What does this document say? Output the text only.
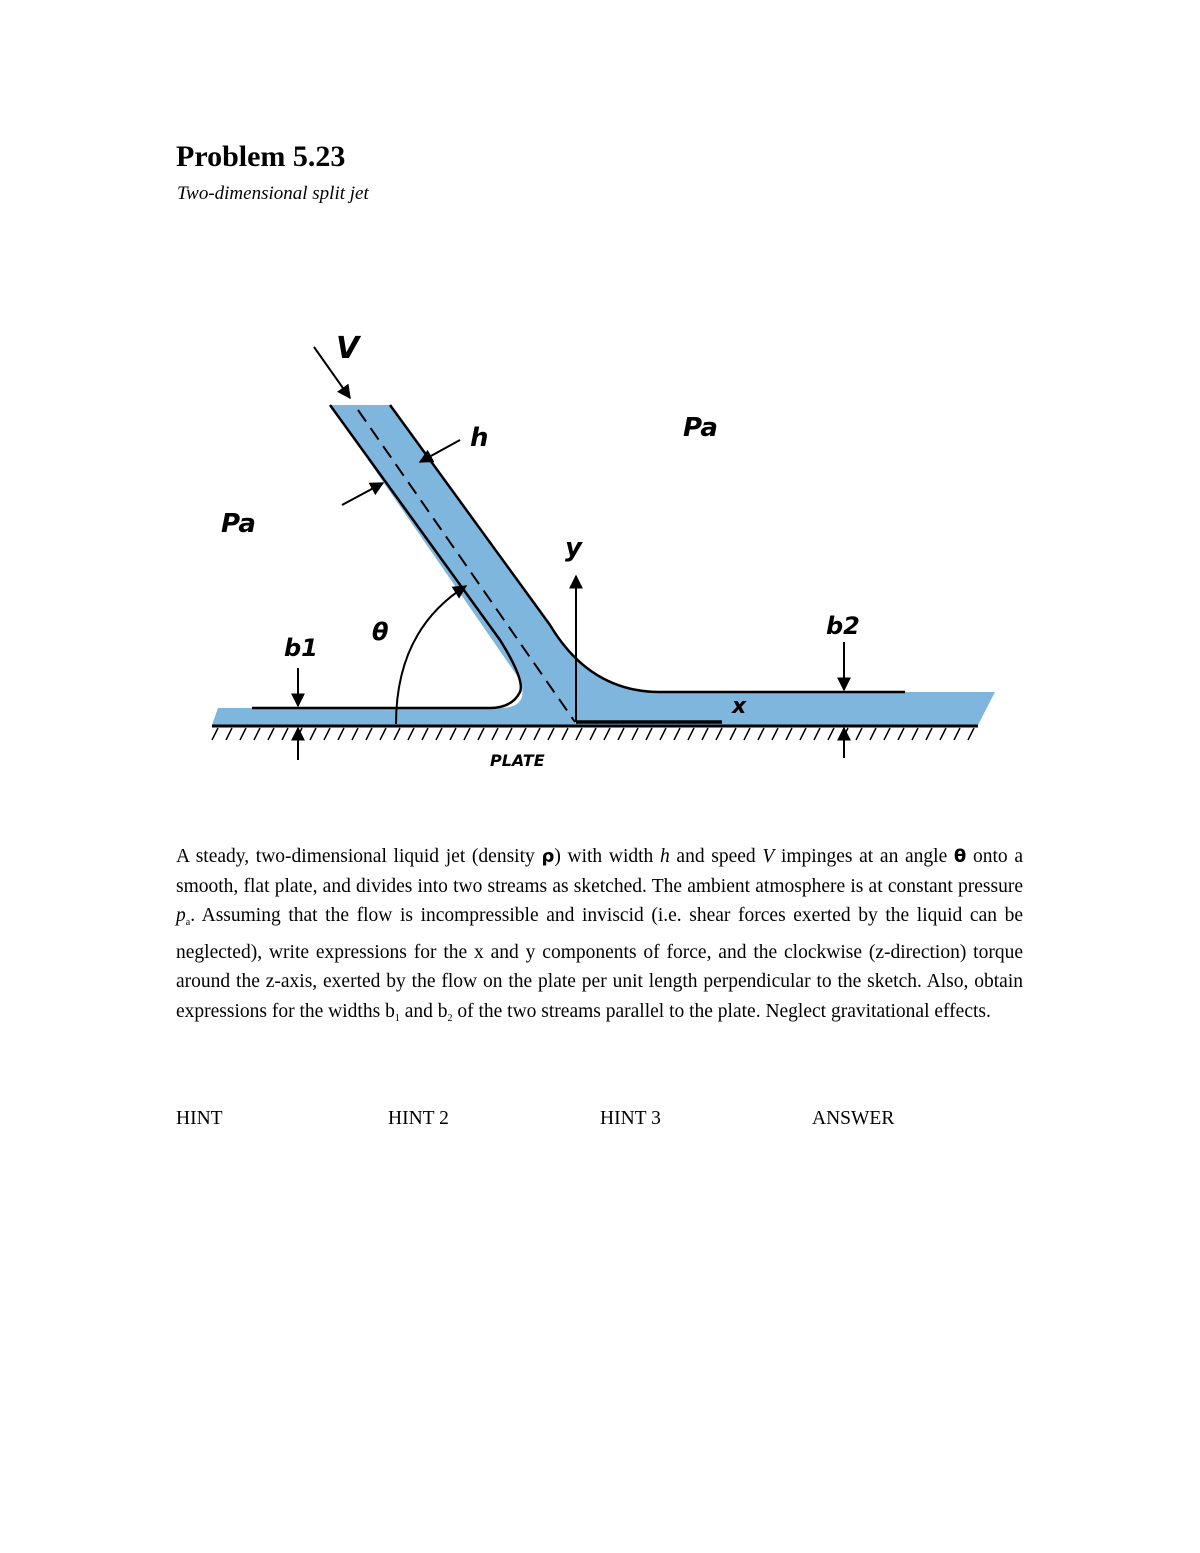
Problem 5.23
Two-dimensional split jet
V
h	Pa
Pa
y
θ
b1
b2
x
PLATE
A steady, two-dimensional liquid jet (density ρ) with width h and speed V impinges at an angle θ onto a smooth, flat plate, and divides into two streams as sketched. The ambient atmosphere is at constant pressure $p_a$. Assuming that the flow is incompressible and inviscid (i.e. shear forces exerted by the liquid can be neglected), write expressions for the x and y components of force, and the clockwise (z-direction) torque around the z-axis, exerted by the flow on the plate per unit length perpendicular to the sketch. Also, obtain expressions for the widths $b_1$ and $b_2$ of the two streams parallel to the plate. Neglect gravitational effects.
HINT	HINT 2	HINT 3	ANSWER
